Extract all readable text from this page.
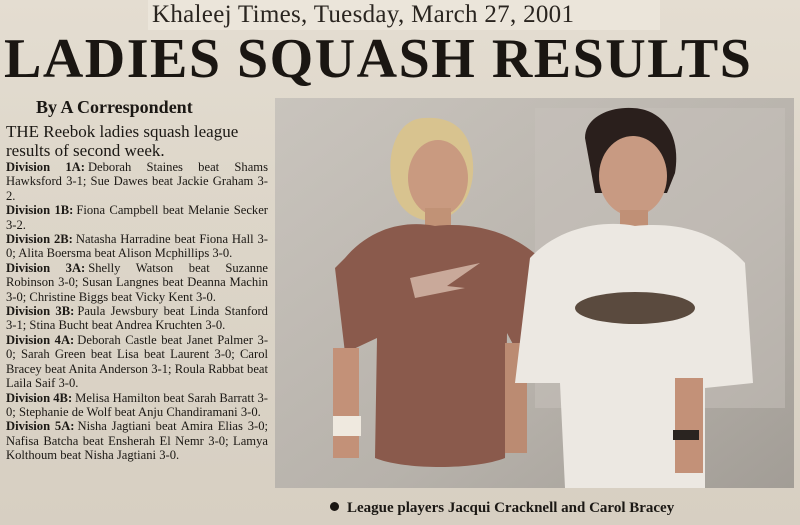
Khaleej Times, Tuesday, March 27, 2001
LADIES SQUASH RESULTS
By A Correspondent
THE Reebok ladies squash league results of second week.

Division 1A: Deborah Staines beat Shams Hawksford 3-1; Sue Dawes beat Jackie Graham 3-2.

Division 1B: Fiona Campbell beat Melanie Secker 3-2.

Division 2B: Natasha Harradine beat Fiona Hall 3-0; Alita Boersma beat Alison Mcphillips 3-0.

Division 3A: Shelly Watson beat Suzanne Robinson 3-0; Susan Langnes beat Deanna Machin 3-0; Christine Biggs beat Vicky Kent 3-0.

Division 3B: Paula Jewsbury beat Linda Stanford 3-1; Stina Bucht beat Andrea Kruchten 3-0.

Division 4A: Deborah Castle beat Janet Palmer 3-0; Sarah Green beat Lisa beat Laurent 3-0; Carol Bracey beat Anita Anderson 3-1; Roula Rabbat beat Laila Saif 3-0.

Division 4B: Melisa Hamilton beat Sarah Barratt 3-0; Stephanie de Wolf beat Anju Chandiramani 3-0.

Division 5A: Nisha Jagtiani beat Amira Elias 3-0; Nafisa Batcha beat Ensherah El Nemr 3-0; Lamya Kolthoum beat Nisha Jagtiani 3-0.

League players Jacqui Cracknell and Carol Bracey
